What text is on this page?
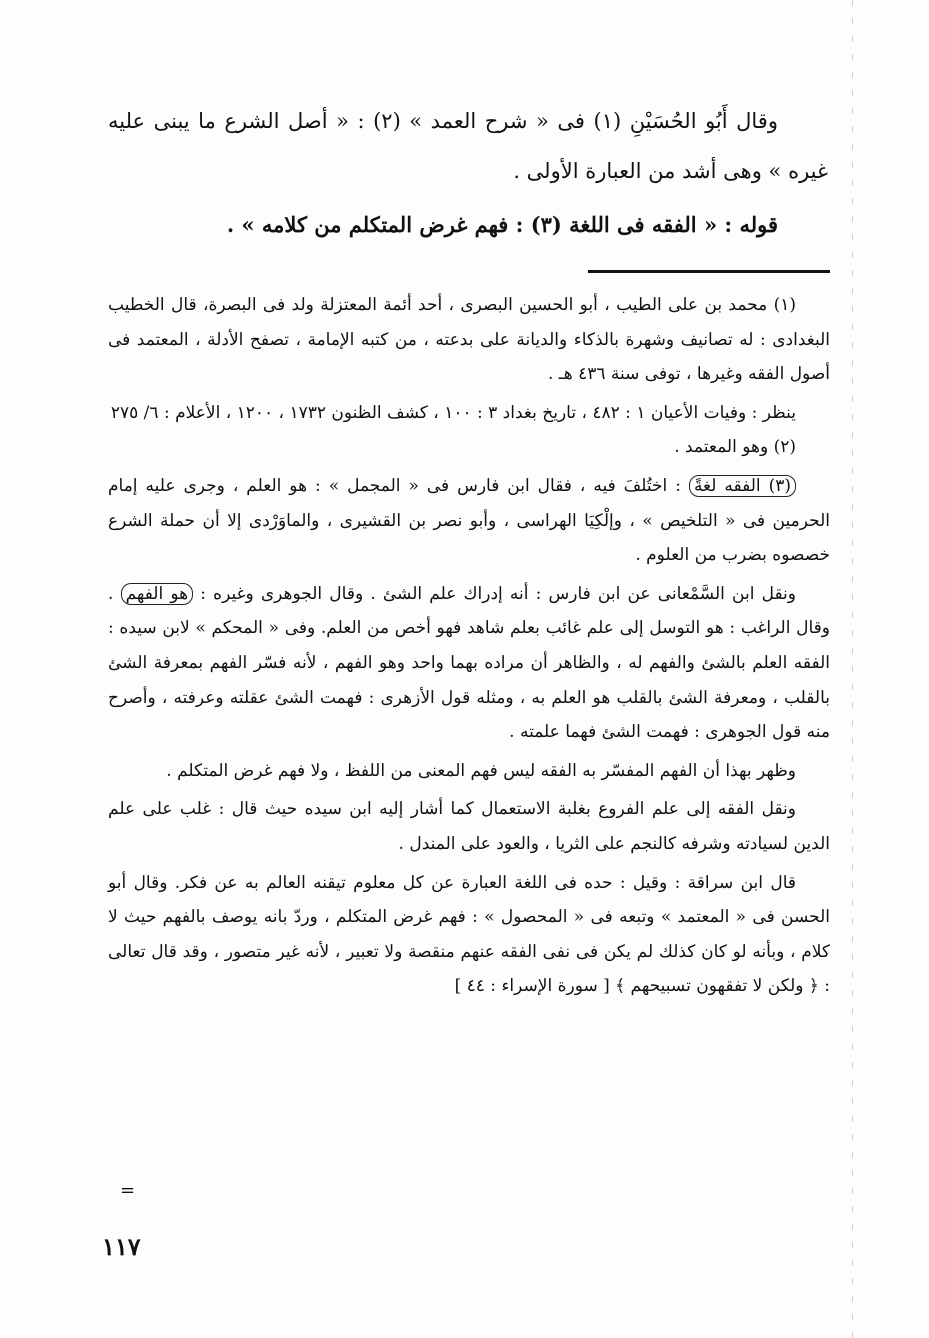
وقال أَبُو الحُسَيْنِ (١) فى « شرح العمد » (٢) : « أصل الشرع ما يبنى عليه غيره » وهى أشد من العبارة الأولى .

قوله : « الفقه فى اللغة (٣) : فهم غرض المتكلم من كلامه » .

(١) محمد بن على الطيب ، أبو الحسين البصرى ، أحد أئمة المعتزلة ولد فى البصرة، قال الخطيب البغدادى : له تصانيف وشهرة بالذكاء والديانة على بدعته ، من كتبه الإمامة ، تصفح الأدلة ، المعتمد فى أصول الفقه وغيرها ، توفى سنة ٤٣٦ هـ .

ينظر : وفيات الأعيان ١ : ٤٨٢ ، تاريخ بغداد ٣ : ١٠٠ ، كشف الظنون ١٧٣٢ ، ١٢٠٠ ، الأعلام : ٦/ ٢٧٥

(٢) وهو المعتمد .

(٣) الفقه لغةً : اختُلفَ فيه ، فقال ابن فارس فى « المجمل » : هو العلم ، وجرى عليه إمام الحرمين فى « التلخيص » ، وإلْكِيَا الهراسى ، وأبو نصر بن القشيرى ، والماوَرْدى إلا أن حملة الشرع خصصوه بضرب من العلوم .

ونقل ابن السَّمْعانى عن ابن فارس : أنه إدراك علم الشئ . وقال الجوهرى وغيره : هو الفهم . وقال الراغب : هو التوسل إلى علم غائب بعلم شاهد فهو أخص من العلم. وفى « المحكم » لابن سيده : الفقه العلم بالشئ والفهم له ، والظاهر أن مراده بهما واحد وهو الفهم ، لأنه فسّر الفهم بمعرفة الشئ بالقلب ، ومعرفة الشئ بالقلب هو العلم به ، ومثله قول الأزهرى : فهمت الشئ عقلته وعرفته ، وأصرح منه قول الجوهرى : فهمت الشئ فهما علمته .

وظهر بهذا أن الفهم المفسّر به الفقه ليس فهم المعنى من اللفظ ، ولا فهم غرض المتكلم .

ونقل الفقه إلى علم الفروع بغلبة الاستعمال كما أشار إليه ابن سيده حيث قال : غلب على علم الدين لسيادته وشرفه كالنجم على الثريا ، والعود على المندل .

قال ابن سراقة : وقيل : حده فى اللغة العبارة عن كل معلوم تيقنه العالم به عن فكر. وقال أبو الحسن فى « المعتمد » وتبعه فى « المحصول » : فهم غرض المتكلم ، وردّ بانه يوصف بالفهم حيث لا كلام ، وبأنه لو كان كذلك لم يكن فى نفى الفقه عنهم منقصة ولا تعبير ، لأنه غير متصور ، وقد قال تعالى : ﴿ ولكن لا تفقهون تسبيحهم ﴾ [ سورة الإسراء : ٤٤ ]

=
١١٧
